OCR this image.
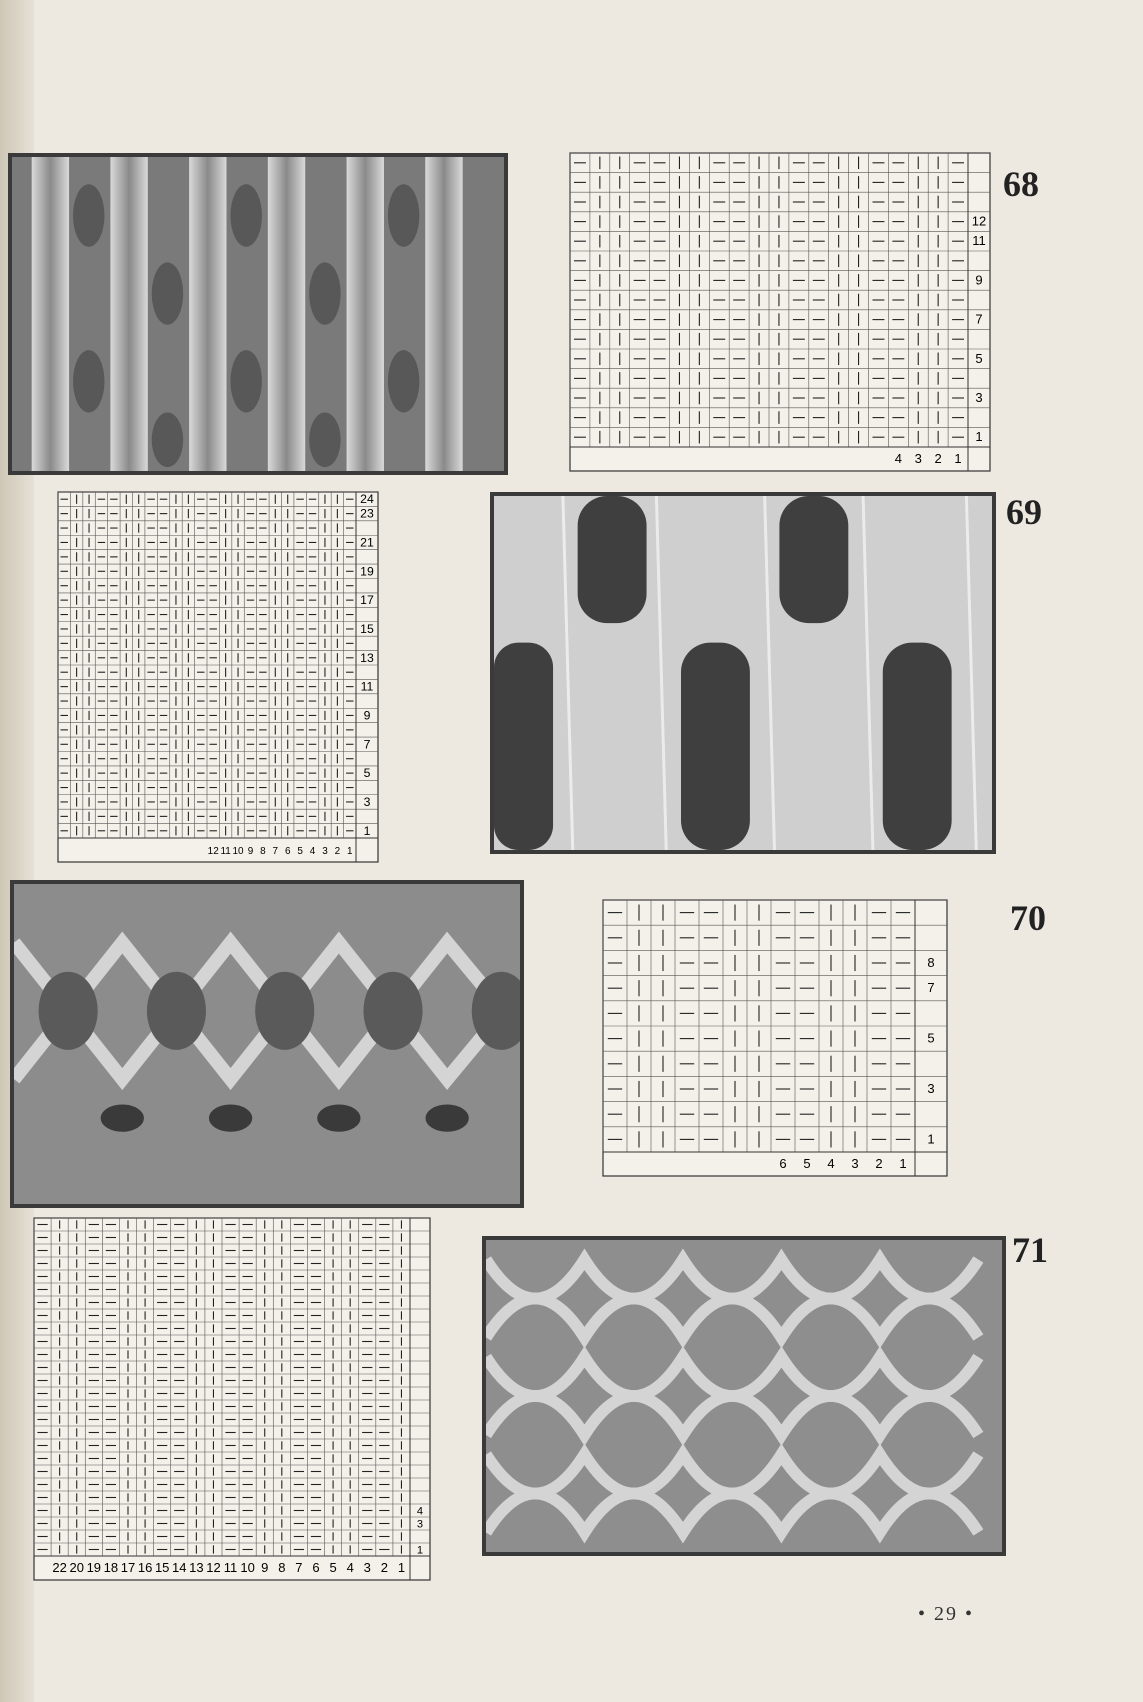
12
11
9
7
5
3
1
4 3 2 1
68
24
23
21
19
17
15
13
11
9
7
5
3
1
12 11 10 9 8 7 6 5 4 3 2 1
69
8
7
5
3
1
6 5 4 3 2 1
70
4
3
1
22 20 19 18 17 16 15 14 13 12 11 10 9 8 7 6 5 4 3 2 1
71
• 29 •
